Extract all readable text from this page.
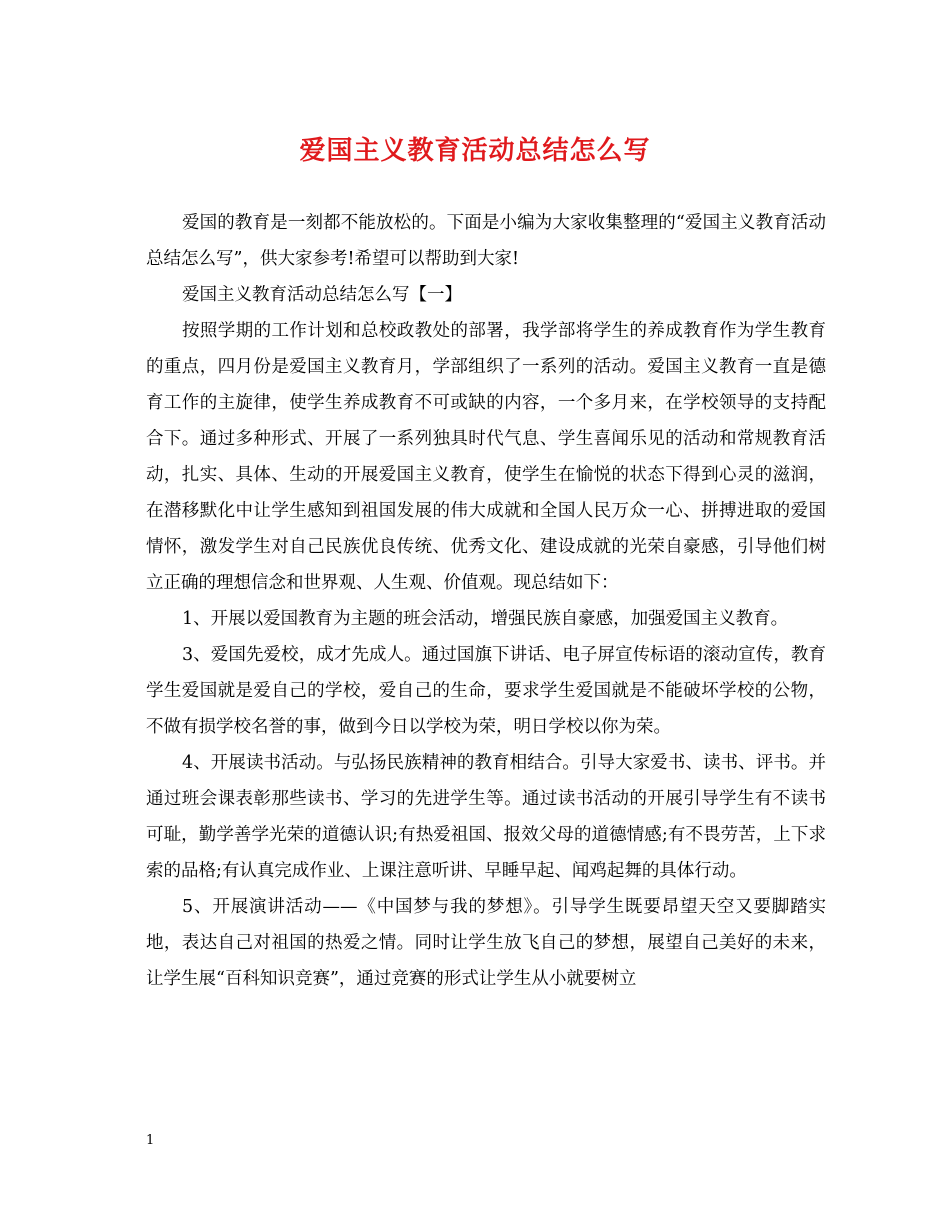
爱国主义教育活动总结怎么写

爱国的教育是一刻都不能放松的。下面是小编为大家收集整理的“爱国主义教育活动总结怎么写”，供大家参考!希望可以帮助到大家!

爱国主义教育活动总结怎么写【一】

按照学期的工作计划和总校政教处的部署，我学部将学生的养成教育作为学生教育的重点，四月份是爱国主义教育月，学部组织了一系列的活动。爱国主义教育一直是德育工作的主旋律，使学生养成教育不可或缺的内容，一个多月来，在学校领导的支持配合下。通过多种形式、开展了一系列独具时代气息、学生喜闻乐见的活动和常规教育活动，扎实、具体、生动的开展爱国主义教育，使学生在愉悦的状态下得到心灵的滋润，在潜移默化中让学生感知到祖国发展的伟大成就和全国人民万众一心、拼搏进取的爱国情怀，激发学生对自己民族优良传统、优秀文化、建设成就的光荣自豪感，引导他们树立正确的理想信念和世界观、人生观、价值观。现总结如下：

1、开展以爱国教育为主题的班会活动，增强民族自豪感，加强爱国主义教育。

3、爱国先爱校，成才先成人。通过国旗下讲话、电子屏宣传标语的滚动宣传，教育学生爱国就是爱自己的学校，爱自己的生命，要求学生爱国就是不能破坏学校的公物，不做有损学校名誉的事，做到今日以学校为荣，明日学校以你为荣。

4、开展读书活动。与弘扬民族精神的教育相结合。引导大家爱书、读书、评书。并通过班会课表彰那些读书、学习的先进学生等。通过读书活动的开展引导学生有不读书可耻，勤学善学光荣的道德认识;有热爱祖国、报效父母的道德情感;有不畏劳苦，上下求索的品格;有认真完成作业、上课注意听讲、早睡早起、闻鸡起舞的具体行动。

5、开展演讲活动——《中国梦与我的梦想》。引导学生既要昂望天空又要脚踏实地，表达自己对祖国的热爱之情。同时让学生放飞自己的梦想，展望自己美好的未来，让学生展“百科知识竞赛”，通过竞赛的形式让学生从小就要树立

1
